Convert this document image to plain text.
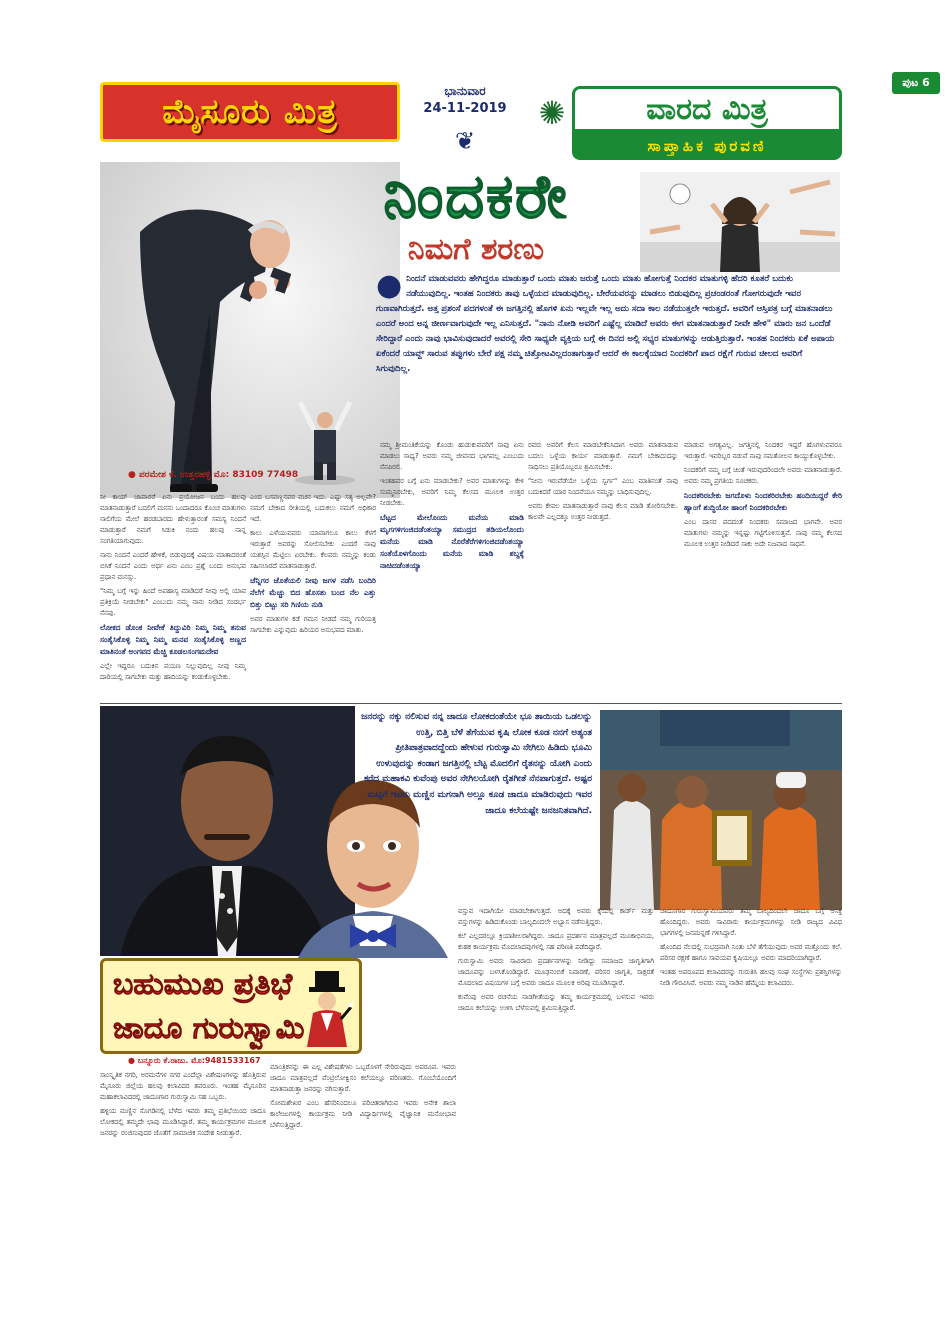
ಮೈಸೂರು ಮಿತ್ರ
ಭಾನುವಾರ
24-11-2019
❦
✺	ವಾರದ ಮಿತ್ರ
ಸಾಪ್ತಾಹಿಕ ಪುರವಣಿ
ಪುಟ 6
● ಪರಮೇಶ ಕೆ. ಉತ್ತನಹಳ್ಳಿ ಮೊ: 83109 77498
ನಿಂದಕರೇ
ನಿಮಗೆ ಶರಣು
● ನಿಂದನೆ ಮಾಡುವವರು ಹೇಗಿದ್ದರೂ ಮಾಡುತ್ತಾರೆ ಒಂದು ಮಾತು ಜರುತ್ತೆ ಒಂದು ಮಾತು ಹೋಗುತ್ತೆ ನಿಂದಕರ ಮಾತುಗಳ್ಳಿ ಹೆದರಿ ಕೂತರೆ ಬದುಕು ನಡೆಯುವುದಿಲ್ಲ. ಇಂತಹ ನಿಂದಕರು ತಾವು ಒಳ್ಳೆಯದ ಮಾಡುವುದಿಲ್ಲ. ಬೇರೆಯವರನ್ನು ಮಾಡಲು ಬಿಡುವುದಿಲ್ಲ ಪ್ರಚಂಡರಂತೆ ಗೋಗರುವುದೇ ಇವರ ಗುಣವಾಗಿರುತ್ತದೆ. ಅತ್ತ ಪ್ರಶಂಸೆ ಪದಗಳಂತೆ ಈ ಜಗತ್ತಿನಲ್ಲಿ ಹೊಗಳಿ ಏನು ಇಲ್ಲವೇ ಇಲ್ಲ ಅದು ಸದಾ ಕಾಲ ನಡೆಯುತ್ತಲೇ ಇರುತ್ತದೆ. ಅವರಿಗೆ ಆಸ್ತಿಪತ್ರ ಬಗ್ಗೆ ಮಾತನಾಡಲು ಎಂದರೆ ಅಂದ ಅನ್ನ ಜೀರ್ಣವಾಗುವುದೇ ಇಲ್ಲ ಎನಿಸುತ್ತದೆ. "ನಾನು ನೋಡಿ ಅವರಿಗೆ ಎಷ್ಟೆಲ್ಲ ಮಾಡಿದೆ ಅವರು ಈಗ ಮಾತನಾಡುತ್ತಾರೆ ನೀವೇ ಹೇಳಿ" ಮಾರು ಜನ ಒಂದೆಡೆ ಸೇರಿದ್ದಾರೆ ಎಂದು ನಾವು ಭಾವಿಸುವುದಾದರೆ ಅವರಲ್ಲಿ ಸೇರಿ ಸಾಧ್ಯವೇ ವ್ಯಕ್ತಿಯ ಬಗ್ಗೆ ಈ ದಿನದ ಅಲ್ಲಿ ಸಭ್ಯರ ಮಾತುಗಳನ್ನು ಆಡುತ್ತಿರುತ್ತಾರೆ. ಇಂತಹ ನಿಂದಕರು ಏಕೆ ಅಪಾಯ ಏಕೆಂದರೆ ಯಾವ್ದ್ ಸಾರುವ ತಪ್ಪುಗಳು ಬೇರೆ ಪಕ್ಷ ನಮ್ಮ ಚಿತ್ತೋಟವಿಲ್ಲದಂತಾಗುತ್ತಾರೆ ಆದರೆ ಈ ಕಾಲಕ್ಕೆಯಾದ ನಿಂದಕರಿಗೆ ಪಾದ ರಕ್ಷೆಗೆ ಗುರುವ ಚೀಲದ ಅವರಿಗೆ ಸಿಗುವುದಿಲ್ಲ.

ನೀ ಕಾಯ್ ಜಾಪಾರರೆ ಏನು ಪ್ರಯೋಜನ ಬಂದು ಹಲವು ಮಾತನಾಡುತ್ತಾರೆ ಬದಲಿಗೆ ಮನಸು ಒಂದಾದರೂ ಕೊಂಚ ಮಾತುಗಳು ನಾಲಿಗೆಯ ಮೇಲೆ ಹರಡಬಾರದು ಹೇಳುತ್ತಾರಂತೆ ಸಮಸ್ಯ ನಿಂದನೆ ಮಾಡುತ್ತಾರೆ ನಮಗೆ ಸಿಡುಕಿ ನಂದು ಹಲವು ನಾನ್ನ ಸಂಗತಿಯಾಗುವುದು.

ನಾನು ನಿಂದನೆ ಎಂದರೆ ಹೇಳಿಕೆ, ಬಿಡುವುದಕ್ಕೆ ವಿಷಯ ಮಾತಾದರಂತೆ ಬಿಸಿಕೆ ನಿಂದನೆ ಎಂದು ಅರ್ಥ ಏನು ಎಂಬ ಪ್ರಶ್ನೆ ಬಂದು ಅನುಭವ ಪ್ರಧಾನ ಮನಸ್ಸು.

"ನಿಮ್ಮ ಬಗ್ಗೆ ಇನ್ನು ಹಿಂದೆ ಅಪಹಾಸ್ಯ ಮಾಡಿದರೆ ನೀವು ಅಲ್ಲಿ ಯಾವ ಪ್ರತಿಕ್ರಿಯೆ ನೀಡಬೇಕು" ಎಂಬುದು ನಮ್ಮ ನಾನು ನೀಡಿದ ಸಂದರ್ಭ ನೆನಪು.

ಲೋಕದ ಡೊಂಕ ನೀವೇಕೆ ತಿದ್ದುವಿರಿ ನಿಮ್ಮ ನಿಮ್ಮ ತನುವ ಸಂತೈಸಿಕೊಳ್ಳಿ ನಿಮ್ಮ ನಿಮ್ಮ ಮನವ ಸಂತೈಸಿಕೊಳ್ಳಿ ಅಣ್ಣದ ಮಾತಿನಂತೆ ಅಂಗವದ ಮೆಚ್ಚಿ ಕೂಡಲಸಂಗಮದೇವ

ಎಲ್ಲೇ ಇದ್ದರೂ ಬದುಕಿನ ಪಯಣ ನಿಲ್ಲುವುದಿಲ್ಲ ನೀವು ನಿಮ್ಮ ದಾರಿಯಲ್ಲಿ ಸಾಗಬೇಕು ಮತ್ತು ಹಾದಿಯನ್ನು ಕಂಡುಕೊಳ್ಳಬೇಕು.

ಎಂದ ಬಸವಣ್ಣನವರ ವಚನ ಇದು. ಎಷ್ಟು ಸತ್ಯ ಅಲ್ಲವೇ? ನಮಗೆ ಬೇಕಾದ ರೀತಿಯಲ್ಲಿ ಬದುಕಲು ನಮಗೆ ಅಧಿಕಾರ ಇದೆ.

ಕಾಲು ಎಳೆಯುವವರು ಯಾವಾಗಲೂ ಕಾಲು ಕೆಳಗೆ ಇರುತ್ತಾರೆ ಅವರನ್ನು ಸೋಲಿಸಬೇಕು ಎಂದರೆ ನಾವು ಯಶಸ್ಸಿನ ಮೆಟ್ಟಿಲು ಏರಬೇಕು. ಕೆಲವರು ನಮ್ಮನ್ನು ಕಂಡು ಸಹಿಸಲಾರದೆ ಮಾತನಾಡುತ್ತಾರೆ.

ಚೆನ್ನಿಗರ ಜೊತೆಯಲಿ ನೀವು ಜಗಳ ನಡೆಸಿ ಬಂದಿರಿ ನೆಲೆಗೆ ಮೆಚ್ಚು ಬಿದ ಹೊಸತು ಬಂದ ನೆಲ ಎತ್ತು ಬಿತ್ತು ಬಿಟ್ಟು ಸರಿ ಗಿಣಿಯ ನುಡಿ

ಅವರ ಮಾತುಗಳ ಕಡೆ ಗಮನ ನೀಡದೆ ನಮ್ಮ ಗುರಿಯತ್ತ ಸಾಗಬೇಕು ಎನ್ನುವುದು ಹಿರಿಯರ ಅನುಭವದ ಮಾತು.

ನಮ್ಮ ಶ್ರೀಮಂತಿಕೆಯನ್ನು ಕೊಂಡು ಹುಡುಕುವವರಿಗೆ ನಾವು ಏನು ಮಾಡಲು ಸಾಧ್ಯ? ಅವರು ನಮ್ಮ ಜೀವನದ ಭಾಗವಲ್ಲ ಎಂಬುದು ನೆನಪಿರಲಿ.

ಇಂತಹವರ ಬಗ್ಗೆ ಏನು ಮಾಡಬೇಕು? ಅವರ ಮಾತುಗಳನ್ನು ಕೇಳಿ ಸುಮ್ಮನಿರಬೇಕು, ಅವರಿಗೆ ನಿಮ್ಮ ಕೆಲಸದ ಮೂಲಕ ಉತ್ತರ ನೀಡಬೇಕು.

ಬೆಟ್ಟದ ಮೇಲೊಂದು ಮನೆಯ ಮಾಡಿ ಮೃಗಗಳಿಗಂಜಿದಡೆಂತಯ್ಯಾ ಸಮುದ್ರದ ತಡಿಯಲೊಂದು ಮನೆಯ ಮಾಡಿ ನೊರೆತೆರೆಗಳಿಗಂಜಿದಡೆಂತಯ್ಯಾ ಸಂತೆಯೊಳಗೊಂದು ಮನೆಯ ಮಾಡಿ ಶಬ್ದಕ್ಕೆ ನಾಚಿದಡೆಂತಯ್ಯಾ

ರವರು ಅವರಿಗೆ ಕೆಲಸ ಮಾಡಬೇಕೆನಿಸಿದಾಗ ಅವರು ಮಾತನಾಡುವ ಬದಲು ಒಳ್ಳೆಯ ಕಾರ್ಯ ಮಾಡುತ್ತಾರೆ. ನಮಗೆ ಬೇಕಾದುದನ್ನು ಸಾಧಿಸಲು ಪ್ರತಿಯೊಬ್ಬರೂ ಶ್ರಮಿಸಬೇಕು.

"ನೀನು ಇರುವೆಡೆಯೇ ಒಳ್ಳೆಯ ಸ್ವರ್ಗ" ಎಂಬ ಮಾತಿನಂತೆ ನಾವು ಬದುಕಿದರೆ ಯಾರ ನಿಂದನೆಯೂ ನಮ್ಮನ್ನು ಬಾಧಿಸುವುದಿಲ್ಲ.

ಅವರು ಕೇವಲ ಮಾತನಾಡುತ್ತಾರೆ ನಾವು ಕೆಲಸ ಮಾಡಿ ತೋರಿಸಬೇಕು. ಕಾಲವೇ ಎಲ್ಲದಕ್ಕೂ ಉತ್ತರ ನೀಡುತ್ತದೆ.

ಮಾಡುವ ಅಗತ್ಯವಿಲ್ಲ. ಜಗತ್ತಿನಲ್ಲಿ ನಿಂದಕರ ಇದ್ದರೆ ಹೊಗಳುವವರೂ ಇರುತ್ತಾರೆ. ಇವರಿಬ್ಬರ ನಡುವೆ ನಾವು ಸಮತೋಲನ ಕಾಯ್ದುಕೊಳ್ಳಬೇಕು.

ನಿಂದಕರಿಗೆ ನಮ್ಮ ಬಗ್ಗೆ ಚಿಂತೆ ಇರುವುದರಿಂದಲೇ ಅವರು ಮಾತನಾಡುತ್ತಾರೆ. ಅವರು ನಮ್ಮ ಪ್ರಗತಿಯ ಸೂಚಕರು.

ನಿಂದಕರಿರಬೇಕು ಜಗದೊಳು ನಿಂದಕರಿರಬೇಕು ಹಂದಿಯಿದ್ದರೆ ಕೇರಿ ಹ್ಯಾಂಗೆ ಶುದ್ಧಿಯೋ ಹಾಂಗೆ ನಿಂದಕರಿರಬೇಕು

ಎಂಬ ದಾಸರ ಪದದಂತೆ ನಿಂದಕರು ಸಮಾಜದ ಭಾಗವೇ. ಅವರ ಮಾತುಗಳು ನಮ್ಮನ್ನು ಇನ್ನಷ್ಟು ಗಟ್ಟಿಗೊಳಿಸುತ್ತವೆ. ನಾವು ನಮ್ಮ ಕೆಲಸದ ಮೂಲಕ ಉತ್ತರ ನೀಡಿದರೆ ಸಾಕು ಅದೇ ನಿಜವಾದ ಸಾಧನೆ.

ಜನರನ್ನು ನಕ್ಕು ನಲಿಸುವ ನನ್ನ ಜಾದೂ ಲೋಕದಂತೆಯೇ ಭೂ ತಾಯಿಯ ಒಡಲನ್ನು ಉತ್ತಿ, ಬಿತ್ತಿ ಬೆಳೆ ತೆಗೆಯುವ ಕೃಷಿ ಲೋಕ ಕೂಡ ನನಗೆ ಅತ್ಯಂತ ಪ್ರೀತಿಪಾತ್ರವಾದದ್ದೆಂದು ಹೇಳುವ ಗುರುಸ್ವಾಮಿ ನೇಗಿಲು ಹಿಡಿದು ಭೂಮಿ ಉಳುವುದನ್ನು ಕಂಡಾಗ ಜಗತ್ತಿನಲ್ಲಿ ಬೆಟ್ಟ ಮೊದಲಿಗೆ ರೈತನನ್ನು ಯೋಗಿ ಎಂದು ಕರೆದ ಮಹಾಕವಿ ಕುವೆಂಪು ಅವರ ನೇಗಿಲಯೋಗಿ ರೈತಗೀತೆ ನೆನಪಾಗುತ್ತದೆ. ಅಷ್ಟರ ಮಟ್ಟಿಗೆ ಇವರು ಮಣ್ಣಿನ ಮಗನಾಗಿ ಅಲ್ಲೂ ಕೂಡ ಜಾದೂ ಮಾಡಿರುವುದು ಇವರ ಜಾದೂ ಕಲೆಯಷ್ಟೇ ಜನಜನಿತವಾಗಿದೆ.
ಬಹುಮುಖ ಪ್ರತಿಭೆ
ಜಾದೂ ಗುರುಸ್ವಾಮಿ
● ಬನ್ನೂರು ಕೆ.ರಾಜು. ಮೊ:9481533167

ವಸ್ತುವ ಇದಾಗಿಯೇ ಮಾಡಬೇಕಾಗುತ್ತದೆ. ಅದಕ್ಕೆ ಅವರು ಕೈಯಲ್ಲಿ ಕಾರ್ಡ್ ಮತ್ತು ವಸ್ತುಗಳನ್ನು ಹಿಡಿದುಕೊಂಡು ಬಾಲ್ಯದಿಂದಲೇ ಅಭ್ಯಾಸ ನಡೆಸುತ್ತಿದ್ದರು.

ಕಲೆ ಎಲ್ಲದರಲ್ಲೂ ಕ್ರಿಯಾಶೀಲರಾಗಿದ್ದರು. ಜಾದೂ ಪ್ರದರ್ಶನ ಮಾತ್ರವಲ್ಲದೆ ಮೂಕಾಭಿನಯ, ಕುಹಕ ಕಾರ್ಯಕ್ರಮ ಮೊದಲಾದವುಗಳಲ್ಲಿ ಸಹ ಪರಿಣತಿ ಪಡೆದಿದ್ದಾರೆ.

ಗುರುಸ್ವಾಮಿ ಅವರು ಸಾವಿರಾರು ಪ್ರದರ್ಶನಗಳನ್ನು ನೀಡಿದ್ದು ಸಮಾಜದ ಜಾಗೃತಿಗಾಗಿ ಜಾದೂವನ್ನು ಬಳಸಿಕೊಂಡಿದ್ದಾರೆ. ಮೂಢನಂಬಿಕೆ ನಿವಾರಣೆ, ಪರಿಸರ ಜಾಗೃತಿ, ಸಾಕ್ಷರತೆ ಮೊದಲಾದ ವಿಷಯಗಳ ಬಗ್ಗೆ ಅವರು ಜಾದೂ ಮೂಲಕ ಅರಿವು ಮೂಡಿಸಿದ್ದಾರೆ.

ಕುವೆಂಪು ಅವರ ರಚನೆಯ ನಾಡಗೀತೆಯನ್ನು ತಮ್ಮ ಕಾರ್ಯಕ್ರಮದಲ್ಲಿ ಬಳಸುವ ಇವರು ಜಾದೂ ಕಲೆಯನ್ನು ಉಳಿಸಿ ಬೆಳೆಸುವಲ್ಲಿ ಶ್ರಮಿಸುತ್ತಿದ್ದಾರೆ.

ಜಾದೂಗಾರ ಗುರುಸ್ವಾಮಿಯವರು ತಮ್ಮ ಬಾಲ್ಯದಿಂದಲೇ ಜಾದೂ ಬಗ್ಗೆ ಆಸಕ್ತಿ ಹೊಂದಿದ್ದರು. ಅವರು ಸಾವಿರಾರು ಕಾರ್ಯಕ್ರಮಗಳನ್ನು ನೀಡಿ ರಾಜ್ಯದ ವಿವಿಧ ಭಾಗಗಳಲ್ಲಿ ಜನಮನ್ನಣೆ ಗಳಿಸಿದ್ದಾರೆ.

ಹೊಂದಿದ ನೆಲದಲ್ಲಿ ಸುಭದ್ರವಾಗಿ ನಿಂತು ಬೆಳೆ ತೆಗೆಯುವುದು ಅವರ ಮತ್ತೊಂದು ಕಲೆ. ಪರಿಸರ ರಕ್ಷಣೆ ಹಾಗೂ ಸಾವಯವ ಕೃಷಿಯಲ್ಲೂ ಅವರು ಮಾದರಿಯಾಗಿದ್ದಾರೆ.

ಇಂತಹ ಅಪರೂಪದ ಕಲಾವಿದರನ್ನು ಗುರುತಿಸಿ ಹಲವು ಸಂಘ ಸಂಸ್ಥೆಗಳು ಪ್ರಶಸ್ತಿಗಳನ್ನು ನೀಡಿ ಗೌರವಿಸಿವೆ. ಅವರು ನಮ್ಮ ನಾಡಿನ ಹೆಮ್ಮೆಯ ಕಲಾವಿದರು.

ಸಾಂಸ್ಕೃತಿಕ ನಗರಿ, ಅರಮನೆಗಳ ನಗರ ಎಂದೆಲ್ಲಾ ವಿಶೇಷಣಗಳನ್ನು ಹೊತ್ತಿರುವ ಮೈಸೂರು ಜಿಲ್ಲೆಯ ಹಲವು ಕಲಾವಿದರ ತವರೂರು. ಇಂತಹ ಮೈಸೂರಿನ ಮಹಾಕಲಾವಿದರಲ್ಲಿ ಜಾದೂಗಾರ ಗುರುಸ್ವಾಮಿ ಸಹ ಒಬ್ಬರು.

ಹಳ್ಳಿಯ ಮಣ್ಣಿನ ಸೊಗಡಿನಲ್ಲಿ ಬೆಳೆದ ಇವರು ತಮ್ಮ ಪ್ರತಿಭೆಯಿಂದ ಜಾದೂ ಲೋಕದಲ್ಲಿ ತಮ್ಮದೇ ಛಾಪು ಮೂಡಿಸಿದ್ದಾರೆ. ತಮ್ಮ ಕಾರ್ಯಕ್ರಮಗಳ ಮೂಲಕ ಜನರನ್ನು ರಂಜಿಸುವುದರ ಜೊತೆಗೆ ಸಾಮಾಜಿಕ ಸಂದೇಶ ನೀಡುತ್ತಾರೆ.

ಮಾಂತ್ರಿಕನನ್ನು ಈ ಎಲ್ಲ ವಿಶೇಷತೆಗಳು ಒಬ್ಬರೊಳಗೆ ಸೇರಿರುವುದು ಅಪರೂಪ. ಇವರು ಜಾದೂ ಮಾತ್ರವಲ್ಲದೆ ವೆಂಟ್ರಿಲೋಕ್ವಿಸಂ ಕಲೆಯಲ್ಲೂ ಪರಿಣತರು. ಗೊಂಬೆಯೊಂದಿಗೆ ಮಾತನಾಡುತ್ತಾ ಜನರನ್ನು ನಗಿಸುತ್ತಾರೆ.

ಸೋಮಶೇಖರ ಎಂಬ ಹೆಸರಿನಿಂದಲೂ ಪರಿಚಿತರಾಗಿರುವ ಇವರು ಅನೇಕ ಶಾಲಾ ಕಾಲೇಜುಗಳಲ್ಲಿ ಕಾರ್ಯಕ್ರಮ ನೀಡಿ ವಿದ್ಯಾರ್ಥಿಗಳಲ್ಲಿ ವೈಜ್ಞಾನಿಕ ಮನೋಭಾವ ಬೆಳೆಸುತ್ತಿದ್ದಾರೆ.
